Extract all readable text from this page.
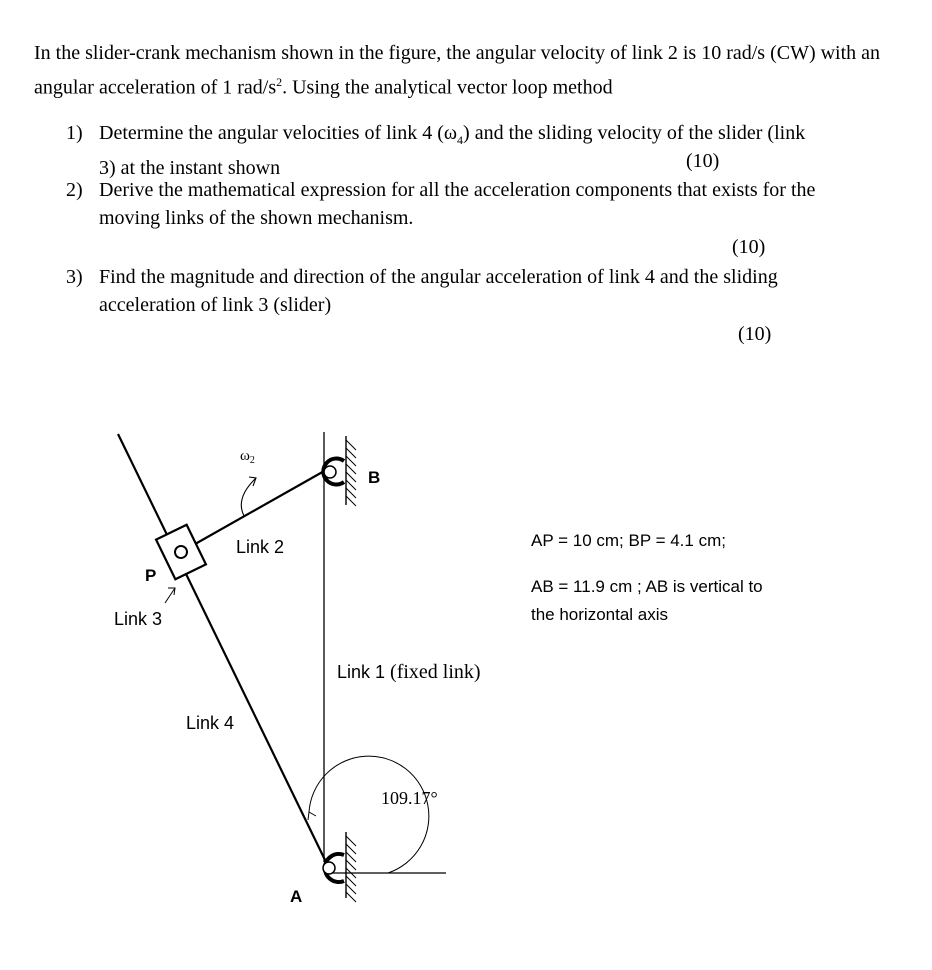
In the slider-crank mechanism shown in the figure, the angular velocity of link 2 is 10 rad/s (CW) with an angular acceleration of 1 rad/$s^2$. Using the analytical vector loop method
1) Determine the angular velocities of link 4 $(\omega_4)$ and the sliding velocity of the slider (link
3) at the instant shown	(10)
2) Derive the mathematical expression for all the acceleration components that exists for the
moving links of the shown mechanism.
(10)
3) Find the magnitude and direction of the angular acceleration of link 4 and the sliding
acceleration of link 3 (slider)
(10)
$\omega_2$
B
P
A
Link 2
Link 3
Link 4
Link 1 (fixed link)
109.17°
AP = 10 cm; BP = 4.1 cm;
AB = 11.9 cm ; AB is vertical to
the horizontal axis
